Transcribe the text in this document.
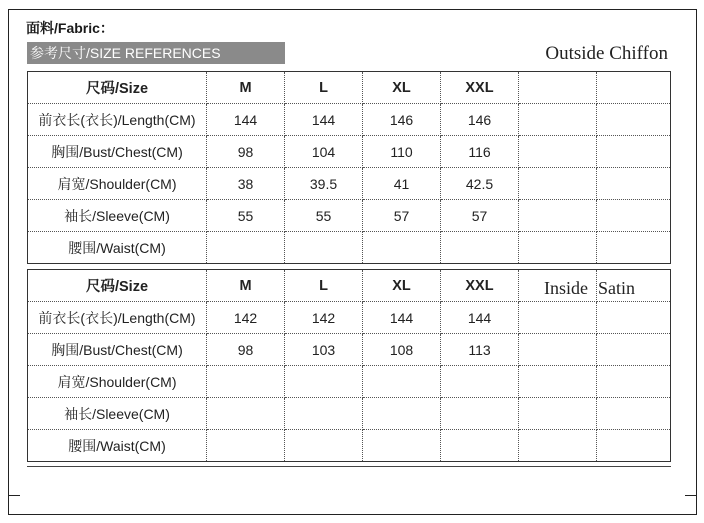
面料/Fabric：
参考尺寸/SIZE REFERENCES	Outside Chiffon
尺码/Size	M	L	XL	XXL		
前衣长(衣长)/Length(CM)	144	144	146	146		
胸围/Bust/Chest(CM)	98	104	110	116		
肩宽/Shoulder(CM)	38	39.5	41	42.5		
袖长/Sleeve(CM)	55	55	57	57		
腰围/Waist(CM)						
尺码/Size	M	L	XL	XXL		
前衣长(衣长)/Length(CM)	142	142	144	144		
胸围/Bust/Chest(CM)	98	103	108	113		
肩宽/Shoulder(CM)						
袖长/Sleeve(CM)						
腰围/Waist(CM)						
Inside Satin
